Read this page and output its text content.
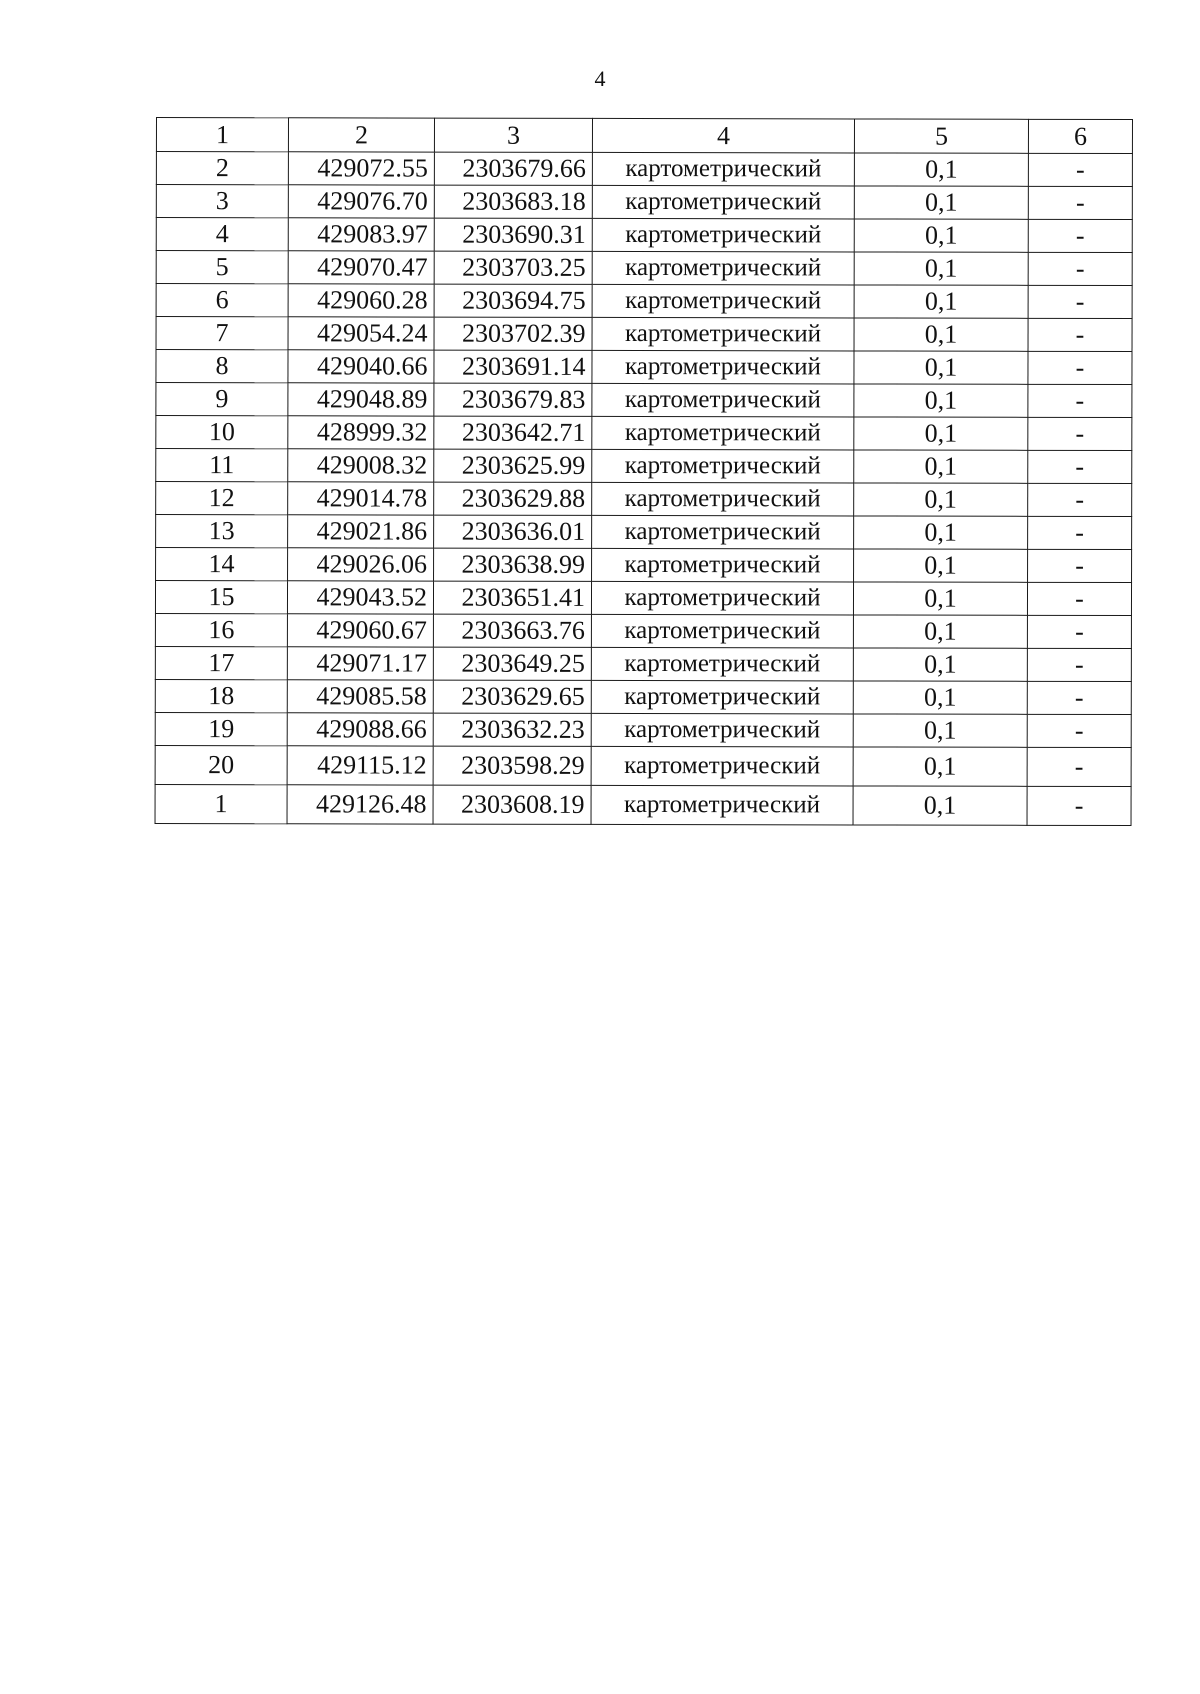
4
1	2	3	4	5	6
2	429072.55	2303679.66	картометрический	0,1	-
3	429076.70	2303683.18	картометрический	0,1	-
4	429083.97	2303690.31	картометрический	0,1	-
5	429070.47	2303703.25	картометрический	0,1	-
6	429060.28	2303694.75	картометрический	0,1	-
7	429054.24	2303702.39	картометрический	0,1	-
8	429040.66	2303691.14	картометрический	0,1	-
9	429048.89	2303679.83	картометрический	0,1	-
10	428999.32	2303642.71	картометрический	0,1	-
11	429008.32	2303625.99	картометрический	0,1	-
12	429014.78	2303629.88	картометрический	0,1	-
13	429021.86	2303636.01	картометрический	0,1	-
14	429026.06	2303638.99	картометрический	0,1	-
15	429043.52	2303651.41	картометрический	0,1	-
16	429060.67	2303663.76	картометрический	0,1	-
17	429071.17	2303649.25	картометрический	0,1	-
18	429085.58	2303629.65	картометрический	0,1	-
19	429088.66	2303632.23	картометрический	0,1	-
20	429115.12	2303598.29	картометрический	0,1	-
1	429126.48	2303608.19	картометрический	0,1	-
